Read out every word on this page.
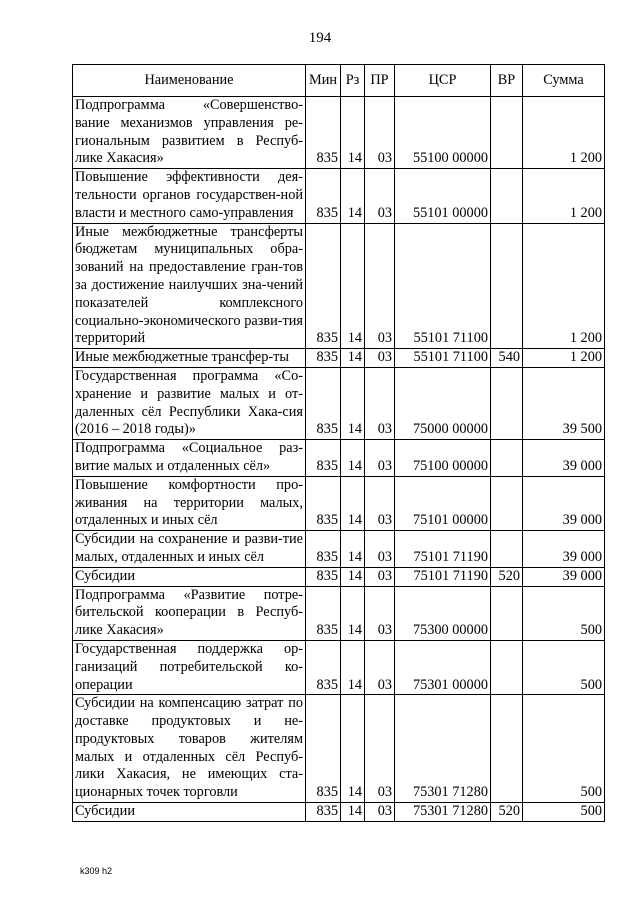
194
Наименование	Мин	Рз	ПР	ЦСР	ВР	Сумма
Подпрограмма «Совершенство-вание механизмов управления ре-гиональным развитием в Респуб-лике Хакасия»	835	14	03	55100 00000		1 200
Повышение эффективности дея-тельности органов государствен-ной власти и местного само-управления	835	14	03	55101 00000		1 200
Иные межбюджетные трансферты бюджетам муниципальных обра-зований на предоставление гран-тов за достижение наилучших зна-чений показателей комплексного социально-экономического разви-тия территорий	835	14	03	55101 71100		1 200
Иные межбюджетные трансфер-ты	835	14	03	55101 71100	540	1 200
Государственная программа «Со-хранение и развитие малых и от-даленных сёл Республики Хака-сия (2016 – 2018 годы)»	835	14	03	75000 00000		39 500
Подпрограмма «Социальное раз-витие малых и отдаленных сёл»	835	14	03	75100 00000		39 000
Повышение комфортности про-живания на территории малых, отдаленных и иных сёл	835	14	03	75101 00000		39 000
Субсидии на сохранение и разви-тие малых, отдаленных и иных сёл	835	14	03	75101 71190		39 000
Субсидии	835	14	03	75101 71190	520	39 000
Подпрограмма «Развитие потре-бительской кооперации в Респуб-лике Хакасия»	835	14	03	75300 00000		500
Государственная поддержка ор-ганизаций потребительской ко-операции	835	14	03	75301 00000		500
Субсидии на компенсацию затрат по доставке продуктовых и не-продуктовых товаров жителям малых и отдаленных сёл Респуб-лики Хакасия, не имеющих ста-ционарных точек торговли	835	14	03	75301 71280		500
Субсидии	835	14	03	75301 71280	520	500
k309 h2
